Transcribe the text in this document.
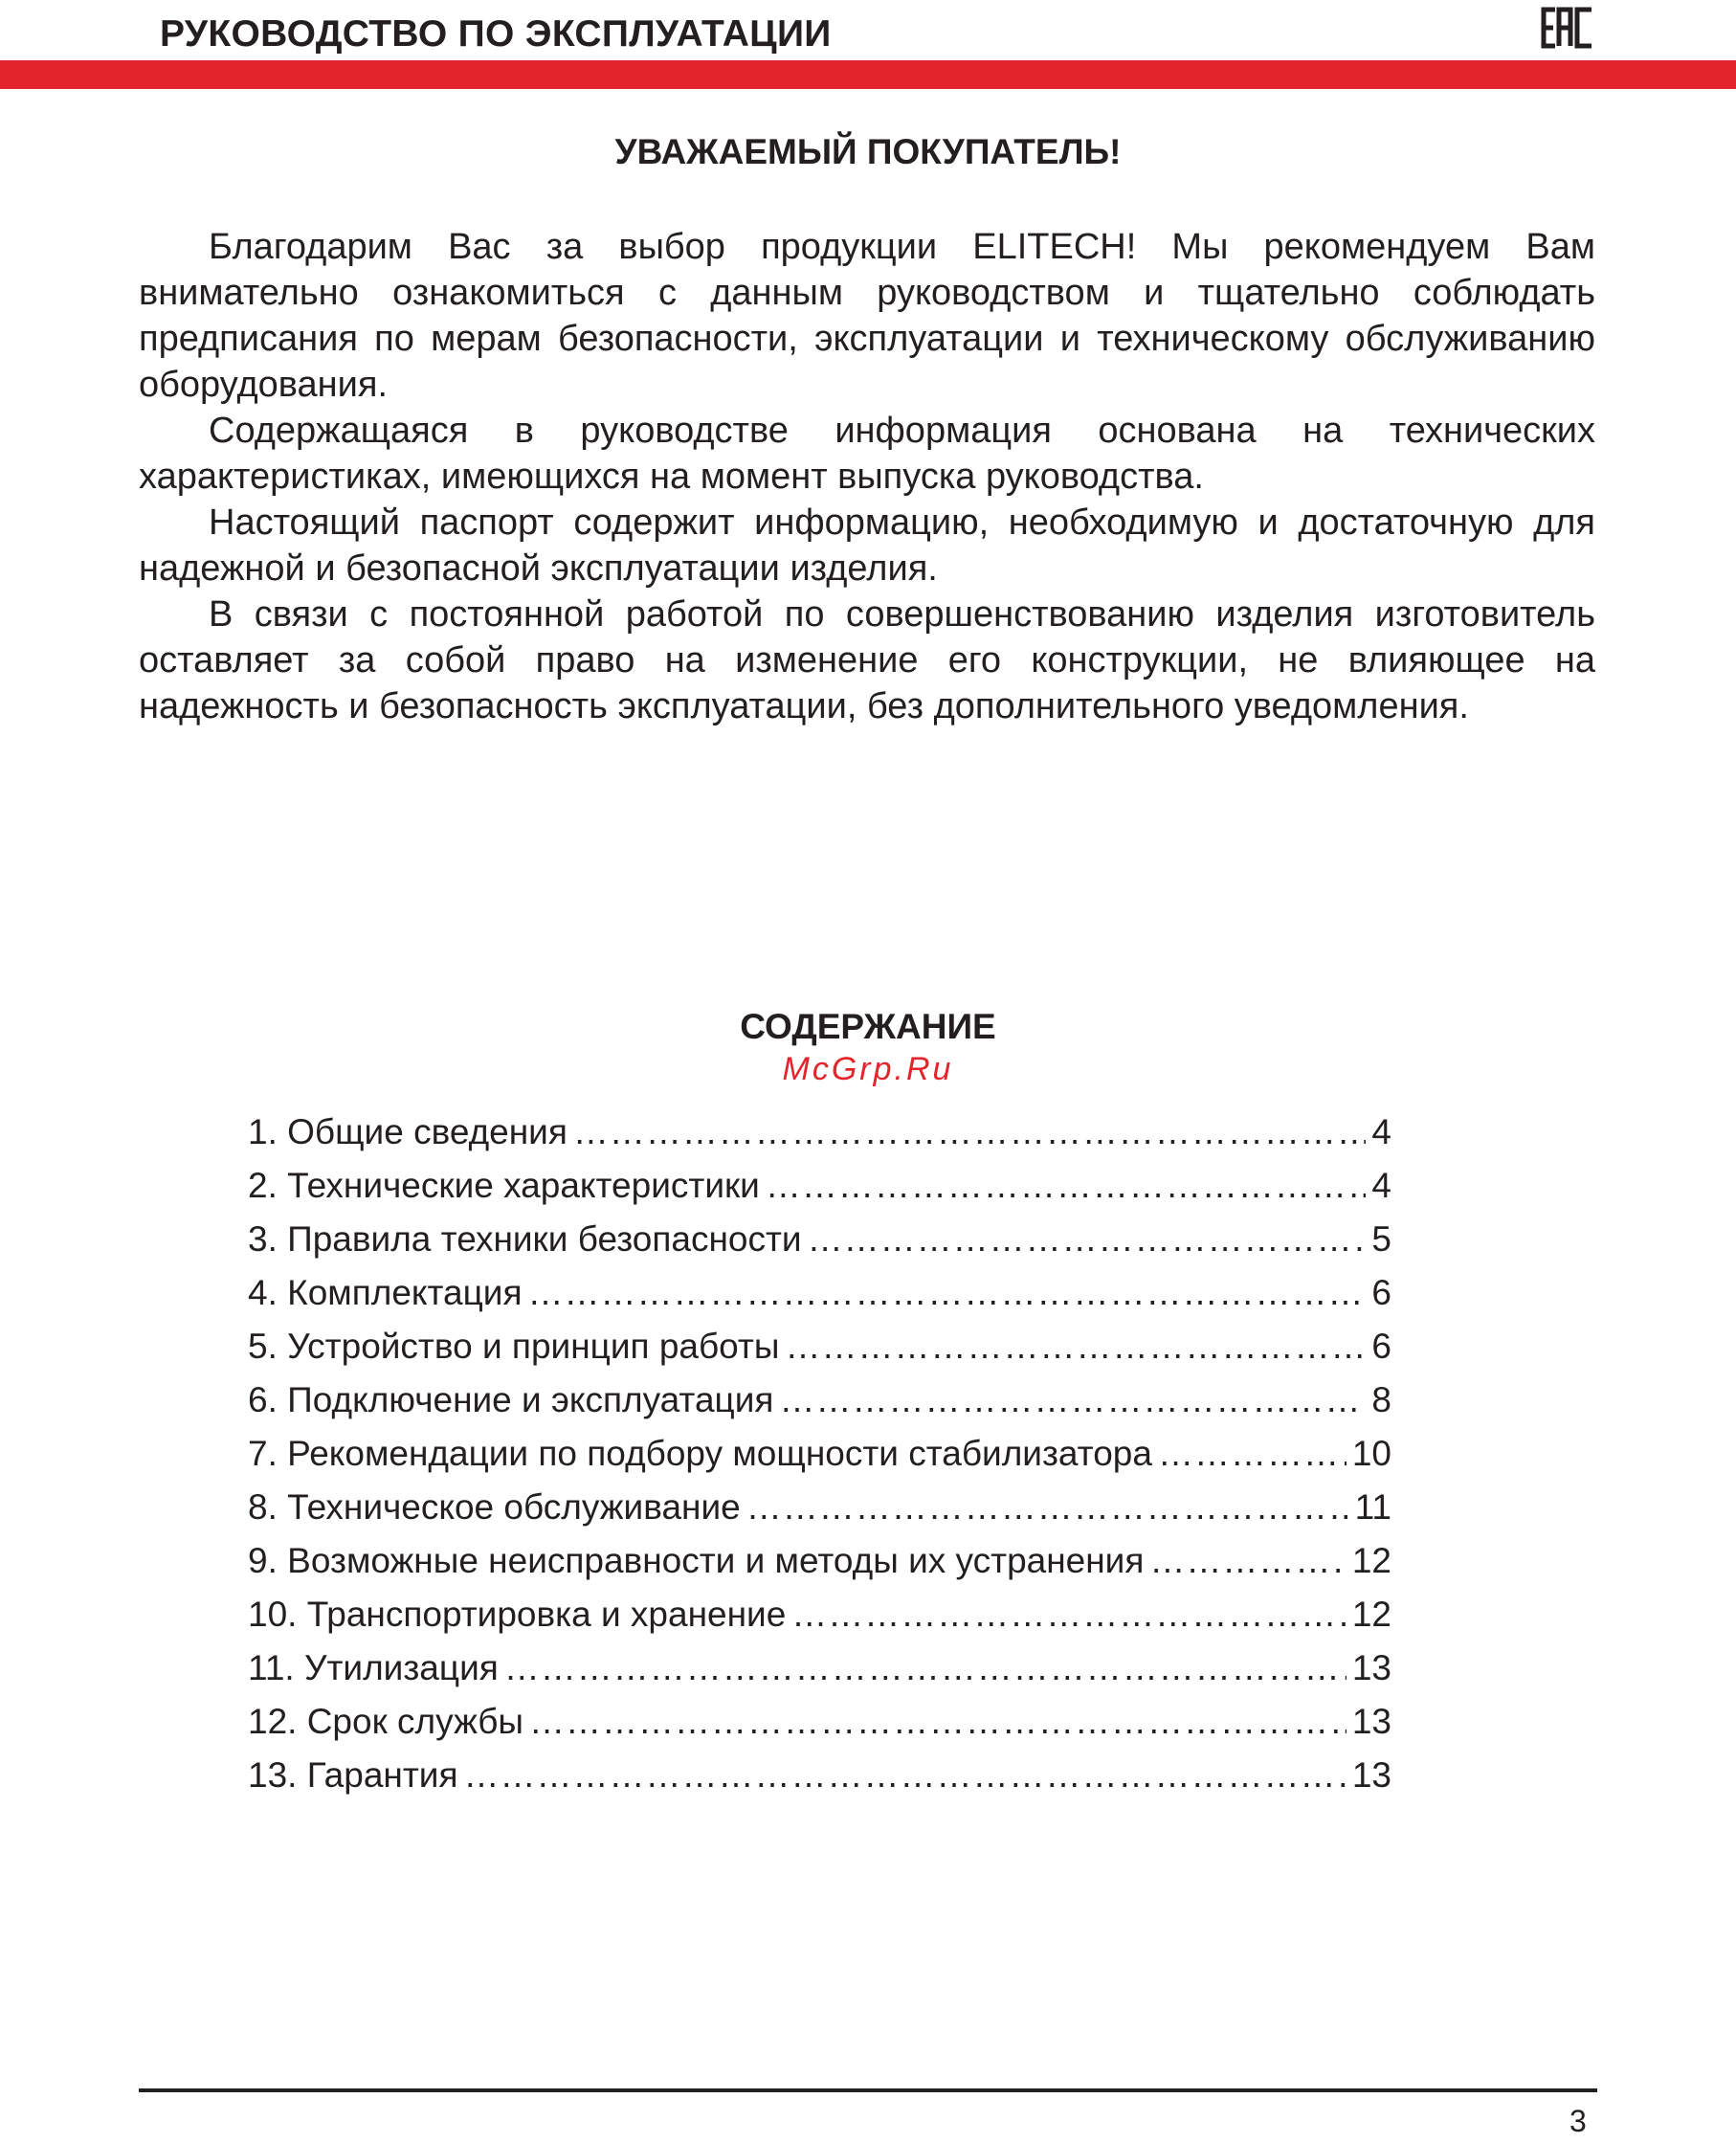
РУКОВОДСТВО ПО ЭКСПЛУАТАЦИИ
УВАЖАЕМЫЙ ПОКУПАТЕЛЬ!

Благодарим Вас за выбор продукции ELITECH! Мы рекомендуем Вам внимательно ознакомиться с данным руководством и тщательно соблюдать предписания по мерам безопасности, эксплуатации и техническому обслуживанию оборудования.

Содержащаяся в руководстве информация основана на технических характеристиках, имеющихся на момент выпуска руководства.

Настоящий паспорт содержит информацию, необходимую и достаточную для надежной и безопасной эксплуатации изделия.

В связи с постоянной работой по совершенствованию изделия изготовитель оставляет за собой право на изменение его конструкции, не влияющее на надежность и безопасность эксплуатации, без дополнительного уведомления.

СОДЕРЖАНИЕ
McGrp.Ru
1. Общие сведения ………………………………………………………………………………………………………………………………………………………………………	4
2. Технические характеристики ………………………………………………………………………………………………………………………………………………………………………	4
3. Правила техники безопасности ………………………………………………………………………………………………………………………………………………………………………	5
4. Комплектация ………………………………………………………………………………………………………………………………………………………………………	6
5. Устройство и принцип работы ………………………………………………………………………………………………………………………………………………………………………	6
6. Подключение и эксплуатация ………………………………………………………………………………………………………………………………………………………………………	8
7. Рекомендации по подбору мощности стабилизатора ………………………………………………………………………………………………………………………………………………………………………	10
8. Техническое обслуживание ………………………………………………………………………………………………………………………………………………………………………	11
9. Возможные неисправности и методы их устранения ………………………………………………………………………………………………………………………………………………………………………	12
10. Транспортировка и хранение ………………………………………………………………………………………………………………………………………………………………………	12
11. Утилизация ………………………………………………………………………………………………………………………………………………………………………	13
12. Срок службы ………………………………………………………………………………………………………………………………………………………………………	13
13. Гарантия ………………………………………………………………………………………………………………………………………………………………………	13
3
